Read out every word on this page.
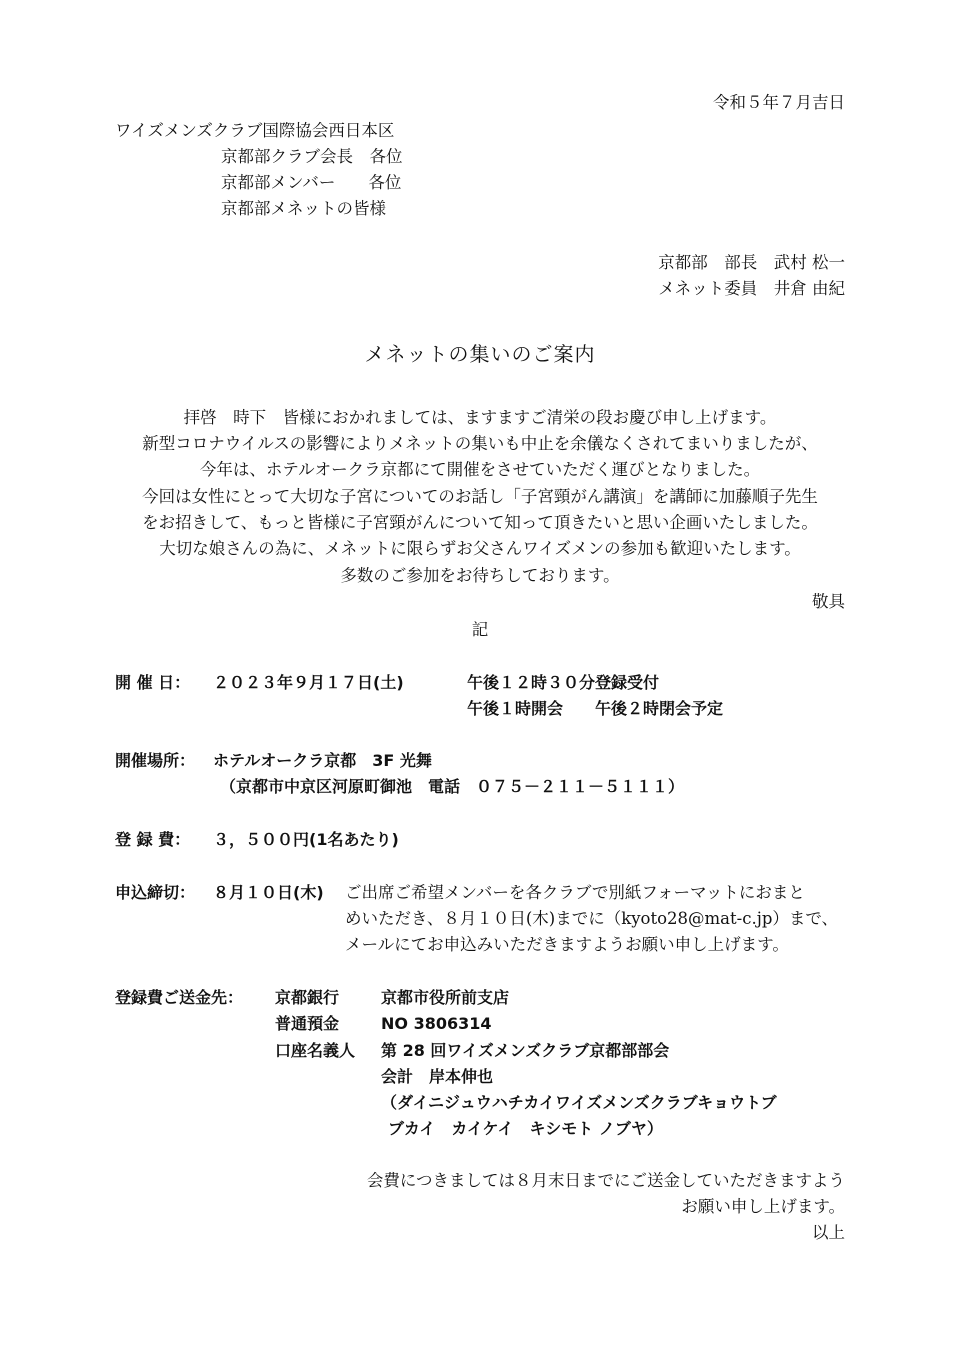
令和５年７月吉日
ワイズメンズクラブ国際協会西日本区
京都部クラブ会長　各位
京都部メンバー　　各位
京都部メネットの皆様
京都部　部長　武村 松一
メネット委員　井倉 由紀
メネットの集いのご案内
拝啓　時下　皆様におかれましては、ますますご清栄の段お慶び申し上げます。
新型コロナウイルスの影響によりメネットの集いも中止を余儀なくされてまいりましたが、
今年は、ホテルオークラ京都にて開催をさせていただく運びとなりました。
今回は女性にとって大切な子宮についてのお話し「子宮頸がん講演」を講師に加藤順子先生
をお招きして、もっと皆様に子宮頸がんについて知って頂きたいと思い企画いたしました。
大切な娘さんの為に、メネットに限らずお父さんワイズメンの参加も歓迎いたします。
多数のご参加をお待ちしております。
敬具
記
開 催 日： ２０２３年９月１７日(土)	午後１２時３０分登録受付
午後１時開会　　午後２時閉会予定
開催場所： ホテルオークラ京都　3F 光舞
（京都市中京区河原町御池　電話　０７５－２１１－５１１１）
登 録 費： ３，５００円(1名あたり)
申込締切： ８月１０日(木) ご出席ご希望メンバーを各クラブで別紙フォーマットにおまと
めいただき、８月１０日(木)までに（kyoto28@mat-c.jp）まで、
メールにてお申込みいただきますようお願い申し上げます。
登録費ご送金先： 京都銀行	京都市役所前支店
普通預金	NO 3806314
口座名義人 第 28 回ワイズメンズクラブ京都部部会
会計　岸本伸也
（ダイニジュウハチカイワイズメンズクラブキョウトブ
ブカイ　カイケイ　キシモト ノブヤ）
会費につきましては８月末日までにご送金していただきますよう
お願い申し上げます。
以上
